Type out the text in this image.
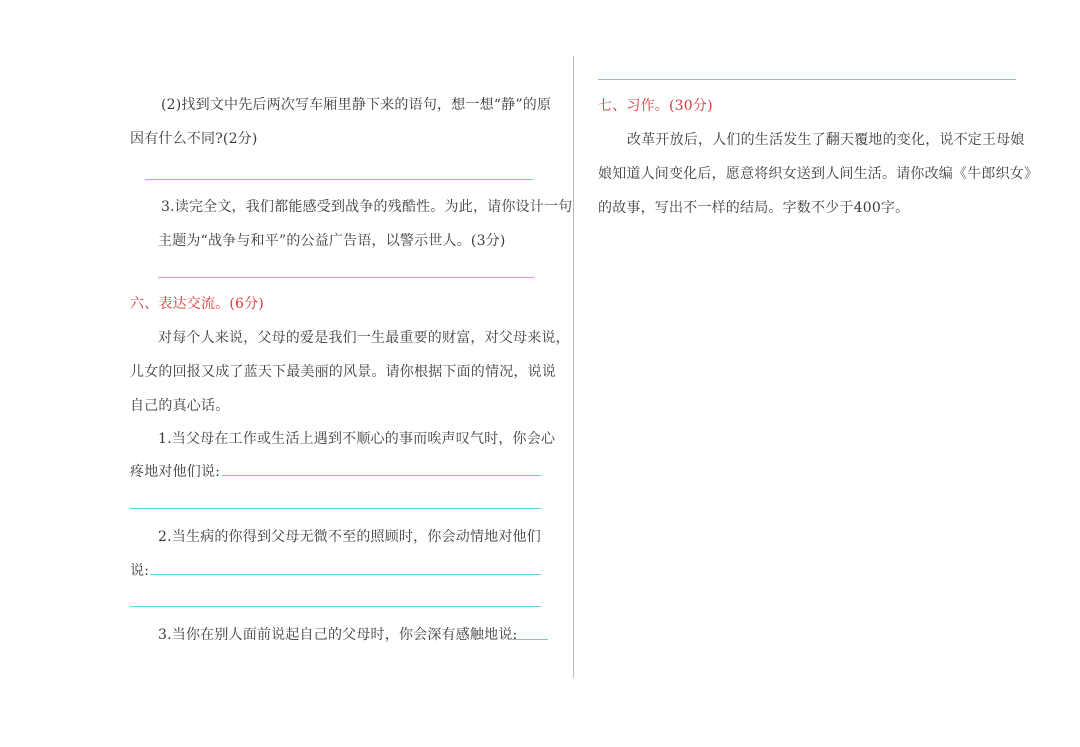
(2)找到文中先后两次写车厢里静下来的语句，想一想“静”的原
因有什么不同?(2分)
3.读完全文，我们都能感受到战争的残酷性。为此，请你设计一句
主题为“战争与和平”的公益广告语，以警示世人。(3分)
六、表达交流。(6分)
对每个人来说，父母的爱是我们一生最重要的财富，对父母来说，
儿女的回报又成了蓝天下最美丽的风景。请你根据下面的情况，说说
自己的真心话。
1.当父母在工作或生活上遇到不顺心的事而唉声叹气时，你会心
疼地对他们说:
2.当生病的你得到父母无微不至的照顾时，你会动情地对他们
说:
3.当你在别人面前说起自己的父母时，你会深有感触地说:
七、习作。(30分)
改革开放后，人们的生活发生了翻天覆地的变化，说不定王母娘
娘知道人间变化后，愿意将织女送到人间生活。请你改编《牛郎织女》
的故事，写出不一样的结局。字数不少于400字。
